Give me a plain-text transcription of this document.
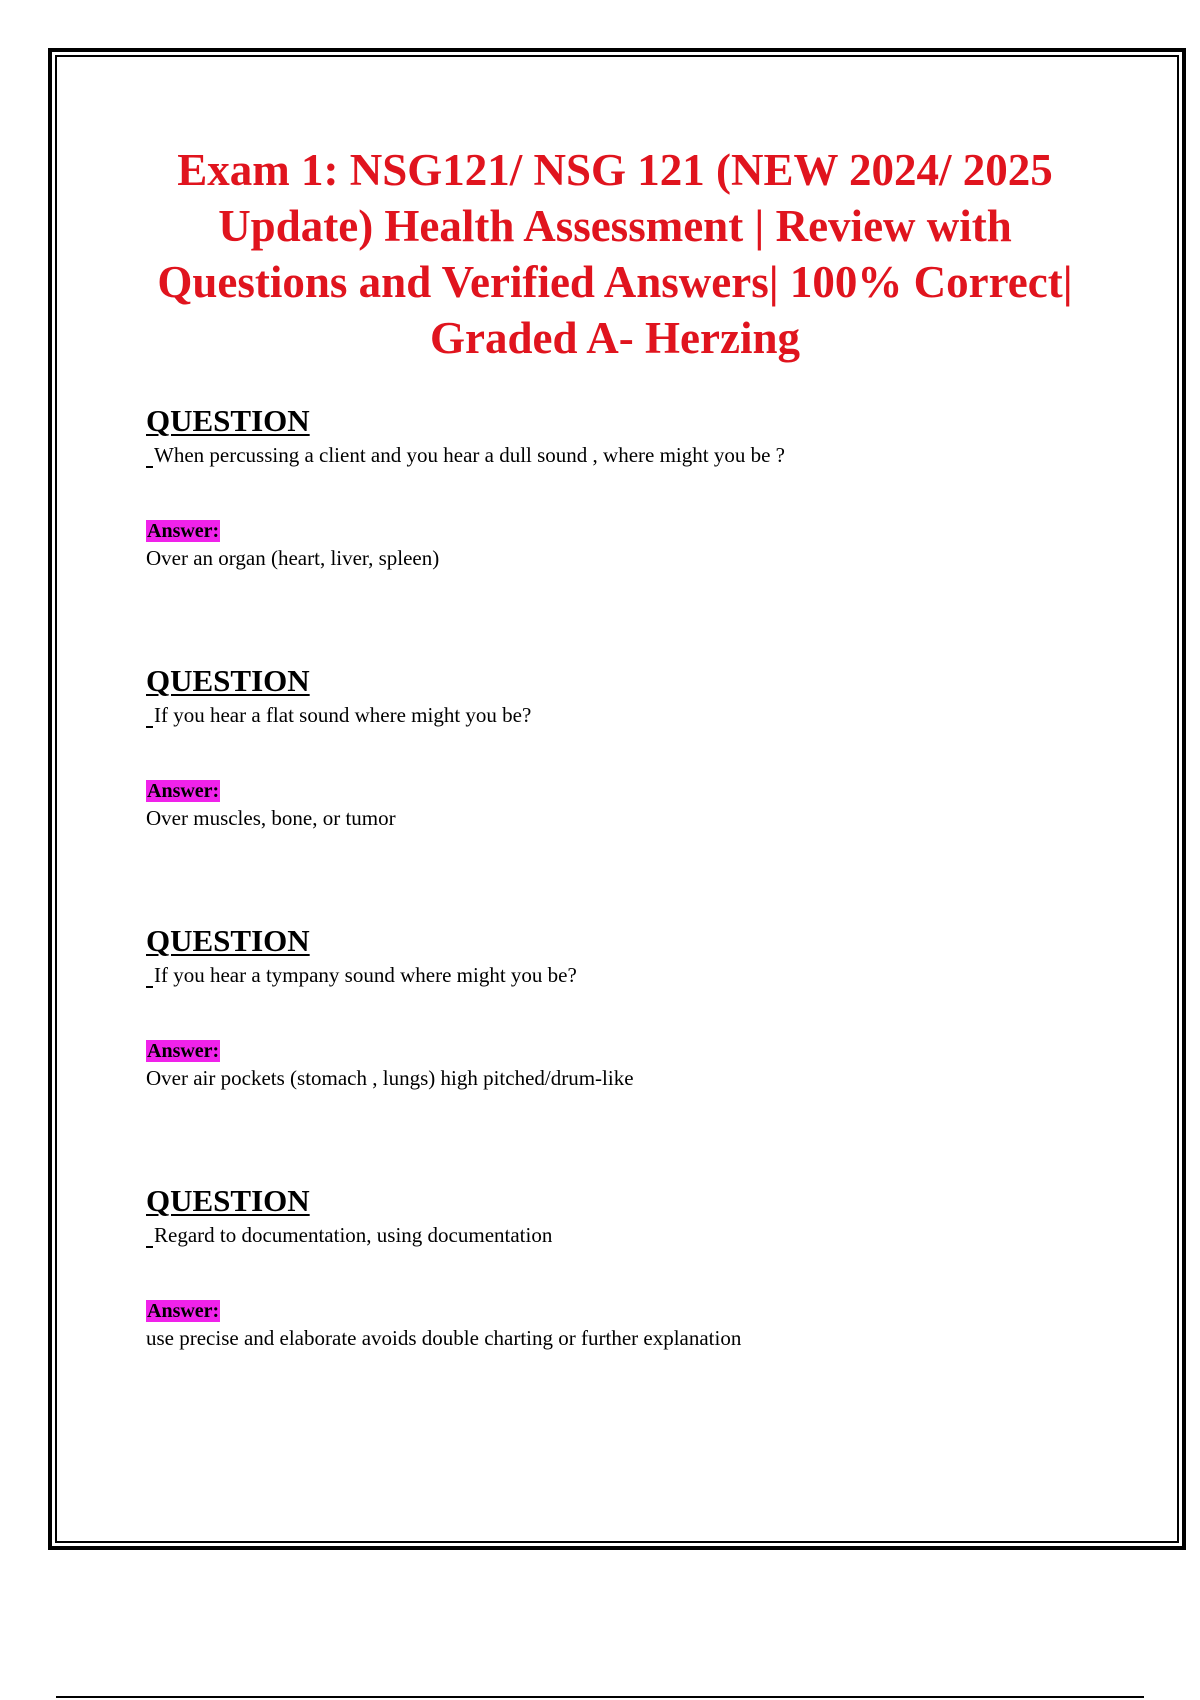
Exam 1: NSG121/ NSG 121 (NEW 2024/ 2025 Update) Health Assessment | Review with Questions and Verified Answers| 100% Correct| Graded A- Herzing
QUESTION
When percussing a client and you hear a dull sound , where might you be ?
Answer:
Over an organ (heart, liver, spleen)
QUESTION
If you hear a flat sound where might you be?
Answer:
Over muscles, bone, or tumor
QUESTION
If you hear a tympany sound where might you be?
Answer:
Over air pockets (stomach , lungs) high pitched/drum-like
QUESTION
Regard to documentation, using documentation
Answer:
use precise and elaborate avoids double charting or further explanation
